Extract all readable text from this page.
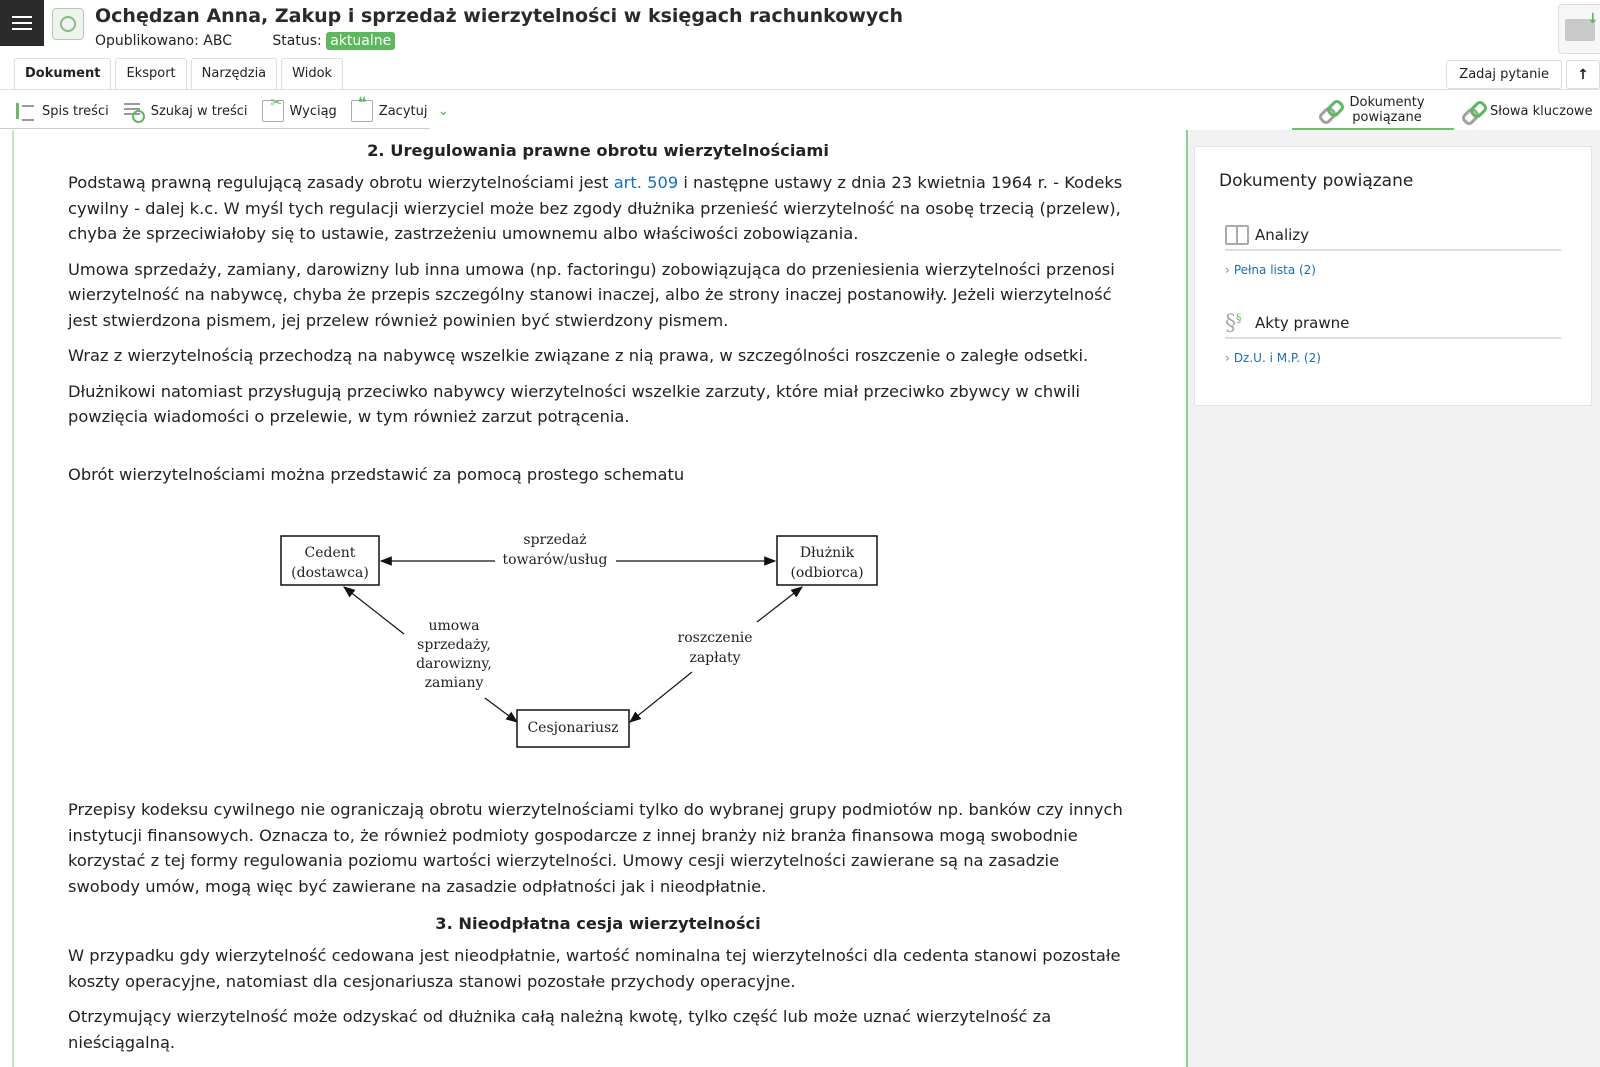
Ochędzan Anna, Zakup i sprzedaż wierzytelności w księgach rachunkowych
Opublikowano: ABC	Status: aktualne
↓
Dokument	Eksport	Narzędzia	Widok	Zadaj pytanie	↑
Spis treści	Szukaj w treści ✂	Wyciąg ❝	Zacytuj ⌄
Dokumenty powiązane	Słowa kluczowe
2. Uregulowania prawne obrotu wierzytelnościami

Podstawą prawną regulującą zasady obrotu wierzytelnościami jest art. 509 i następne ustawy z dnia 23 kwietnia 1964 r. - Kodeks cywilny - dalej k.c. W myśl tych regulacji wierzyciel może bez zgody dłużnika przenieść wierzytelność na osobę trzecią (przelew), chyba że sprzeciwiałoby się to ustawie, zastrzeżeniu umownemu albo właściwości zobowiązania.

Umowa sprzedaży, zamiany, darowizny lub inna umowa (np. factoringu) zobowiązująca do przeniesienia wierzytelności przenosi wierzytelność na nabywcę, chyba że przepis szczególny stanowi inaczej, albo że strony inaczej postanowiły. Jeżeli wierzytelność jest stwierdzona pismem, jej przelew również powinien być stwierdzony pismem.

Wraz z wierzytelnością przechodzą na nabywcę wszelkie związane z nią prawa, w szczególności roszczenie o zaległe odsetki.

Dłużnikowi natomiast przysługują przeciwko nabywcy wierzytelności wszelkie zarzuty, które miał przeciwko zbywcy w chwili powzięcia wiadomości o przelewie, w tym również zarzut potrącenia.

Obrót wierzytelnościami można przedstawić za pomocą prostego schematu

Przepisy kodeksu cywilnego nie ograniczają obrotu wierzytelnościami tylko do wybranej grupy podmiotów np. banków czy innych instytucji finansowych. Oznacza to, że również podmioty gospodarcze z innej branży niż branża finansowa mogą swobodnie korzystać z tej formy regulowania poziomu wartości wierzytelności. Umowy cesji wierzytelności zawierane są na zasadzie swobody umów, mogą więc być zawierane na zasadzie odpłatności jak i nieodpłatnie.

3. Nieodpłatna cesja wierzytelności

W przypadku gdy wierzytelność cedowana jest nieodpłatnie, wartość nominalna tej wierzytelności dla cedenta stanowi pozostałe koszty operacyjne, natomiast dla cesjonariusza stanowi pozostałe przychody operacyjne.

Otrzymujący wierzytelność może odzyskać od dłużnika całą należną kwotę, tylko część lub może uznać wierzytelność za nieściągalną.

Cedent
(dostawca)
Dłużnik
(odbiorca)
Cesjonariusz
sprzedaż
towarów/usług
umowa
sprzedaży,
darowizny,
zamiany
roszczenie
zapłaty
Dokumenty powiązane
Analizy
› Pełna lista (2)
§§ Akty prawne
› Dz.U. i M.P. (2)
